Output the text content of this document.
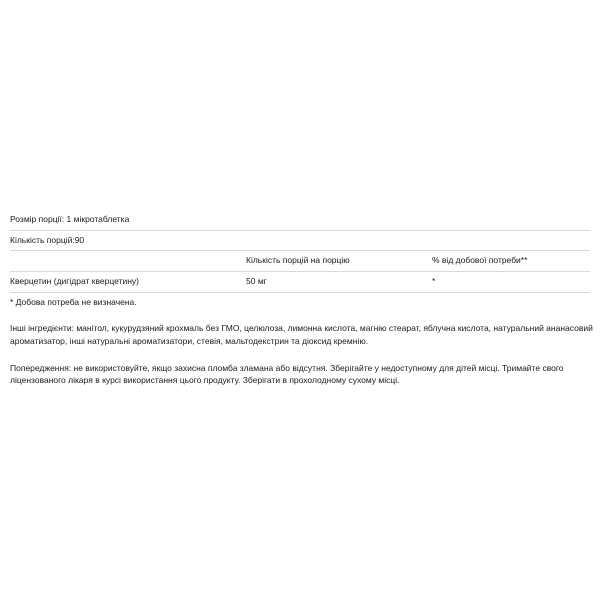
Розмір порції: 1 мікротаблетка		
Кількість порцій:90		
	Кількість порцій на порцію	% від добової потреби**
Кверцетин (дигідрат кверцетину)	50 мг	*
* Добова потреба не визначена.		

Інші інгредієнти: манітол, кукурудзяний крохмаль без ГМО, целюлоза, лимонна кислота, магнію стеарат, яблучна кислота, натуральний ананасовий ароматизатор, інші натуральні ароматизатори, стевія, мальтодекстрин та діоксид кремнію.

Попередження: не використовуйте, якщо захисна пломба зламана або відсутня. Зберігайте у недоступному для дітей місці. Тримайте свого ліцензованого лікаря в курсі використання цього продукту. Зберігати в прохолодному сухому місці.
